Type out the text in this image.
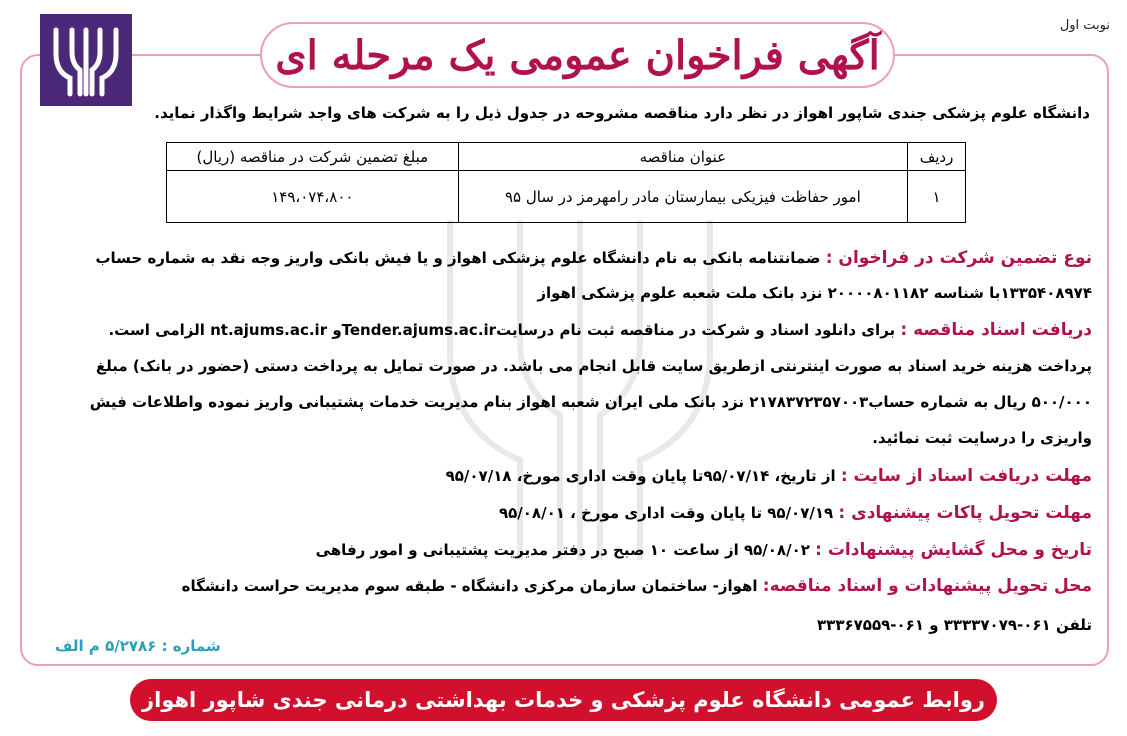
آگهی فراخوان عمومی یک مرحله ای
نوبت اول
دانشگاه علوم پزشکی جندی شاپور اهواز در نظر دارد مناقصه مشروحه در جدول ذیل را به شرکت های واجد شرایط واگذار نماید.
ردیف	عنوان مناقصه	مبلغ تضمین شرکت در مناقصه (ریال)
۱	امور حفاظت فیزیکی بیمارستان مادر رامهرمز در سال ۹۵	۱۴۹،۰۷۴،۸۰۰
نوع تضمین شرکت در فراخوان : ضمانتنامه بانکی به نام دانشگاه علوم پزشکی اهواز و یا فیش بانکی واریز وجه نقد به شماره حساب
۱۳۳۵۴۰۸۹۷۴با شناسه ۲۰۰۰۰۸۰۱۱۸۲ نزد بانک ملت شعبه علوم پزشکی اهواز
دریافت اسناد مناقصه : برای دانلود اسناد و شرکت در مناقصه ثبت نام درسایتTender.ajums.ac.irو nt.ajums.ac.ir الزامی است.
پرداخت هزینه خرید اسناد به صورت اینترنتی ازطریق سایت قابل انجام می باشد. در صورت تمایل به پرداخت دستی (حضور در بانک) مبلغ
۵۰۰/۰۰۰ ریال به شماره حساب۲۱۷۸۳۷۲۳۵۷۰۰۳ نزد بانک ملی ایران شعبه اهواز بنام مدیریت خدمات پشتیبانی واریز نموده واطلاعات فیش
واریزی را درسایت ثبت نمائید.
مهلت دریافت اسناد از سایت : از تاریخ، ۹۵/۰۷/۱۴تا پایان وقت اداری مورخ، ۹۵/۰۷/۱۸
مهلت تحویل پاکات پیشنهادی : ۹۵/۰۷/۱۹ تا پایان وقت اداری مورخ ، ۹۵/۰۸/۰۱
تاریخ و محل گشایش پیشنهادات : ۹۵/۰۸/۰۲ از ساعت ۱۰ صبح در دفتر مدیریت پشتیبانی و امور رفاهی
محل تحویل پیشنهادات و اسناد مناقصه: اهواز- ساختمان سازمان مرکزی دانشگاه - طبقه سوم مدیریت حراست دانشگاه
تلفن ۰۶۱-۳۳۳۳۷۰۷۹ و ۰۶۱-۳۳۳۶۷۵۵۹
شماره : ۵/۲۷۸۶ م الف
روابط عمومی دانشگاه علوم پزشکی و خدمات بهداشتی درمانی جندی شاپور اهواز
